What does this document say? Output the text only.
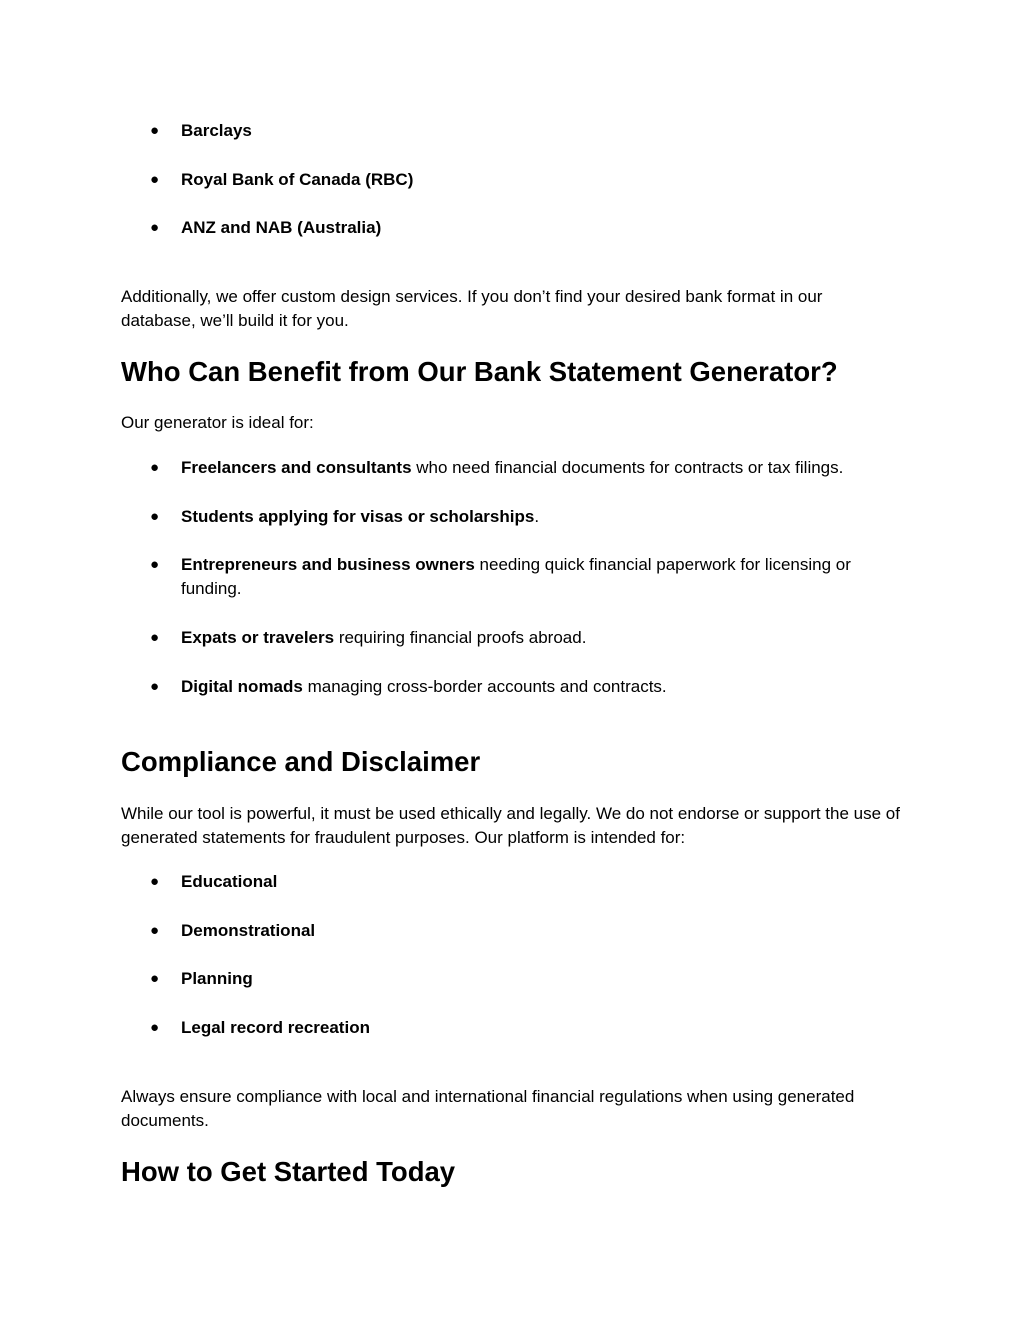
● Barclays
● Royal Bank of Canada (RBC)
● ANZ and NAB (Australia)

Additionally, we offer custom design services. If you don’t find your desired bank format in our database, we’ll build it for you.

Who Can Benefit from Our Bank Statement Generator?

Our generator is ideal for:

● Freelancers and consultants who need financial documents for contracts or tax filings.
● Students applying for visas or scholarships.
● Entrepreneurs and business owners needing quick financial paperwork for licensing or funding.
● Expats or travelers requiring financial proofs abroad.
● Digital nomads managing cross-border accounts and contracts.
Compliance and Disclaimer

While our tool is powerful, it must be used ethically and legally. We do not endorse or support the use of generated statements for fraudulent purposes. Our platform is intended for:

● Educational
● Demonstrational
● Planning
● Legal record recreation

Always ensure compliance with local and international financial regulations when using generated documents.

How to Get Started Today
